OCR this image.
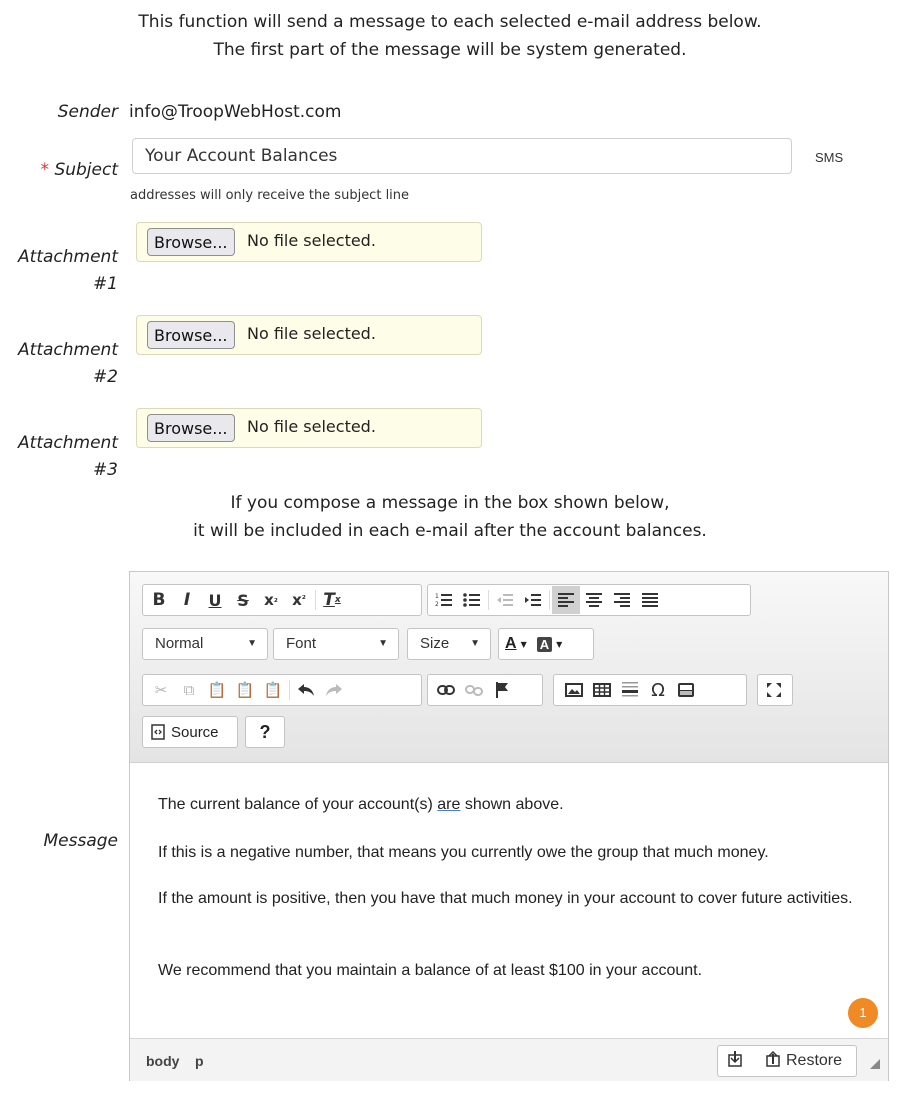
This function will send a message to each selected e-mail address below.
The first part of the message will be system generated.
Sender info@TroopWebHost.com
* Subject
Your Account Balances
SMS
addresses will only receive the subject line
Attachment
#1
Browse...	No file selected.
Attachment
#2
Browse...	No file selected.
Attachment
#3
Browse...	No file selected.
If you compose a message in the box shown below,
it will be included in each e-mail after the account balances.
Message
B	I	U S	x ₂ x ²	T x	1
2
Normal	▼	Font	▼	Size ▼ A ▼ A ▼
✂	⧉ 📋 📋 📋	Ω
Source ?

The current balance of your account(s) are shown above.

If this is a negative number, that means you currently owe the group that much money.

If the amount is positive, then you have that much money in your account to cover future activities.

We recommend that you maintain a balance of at least $100 in your account.

1
body p	Restore
